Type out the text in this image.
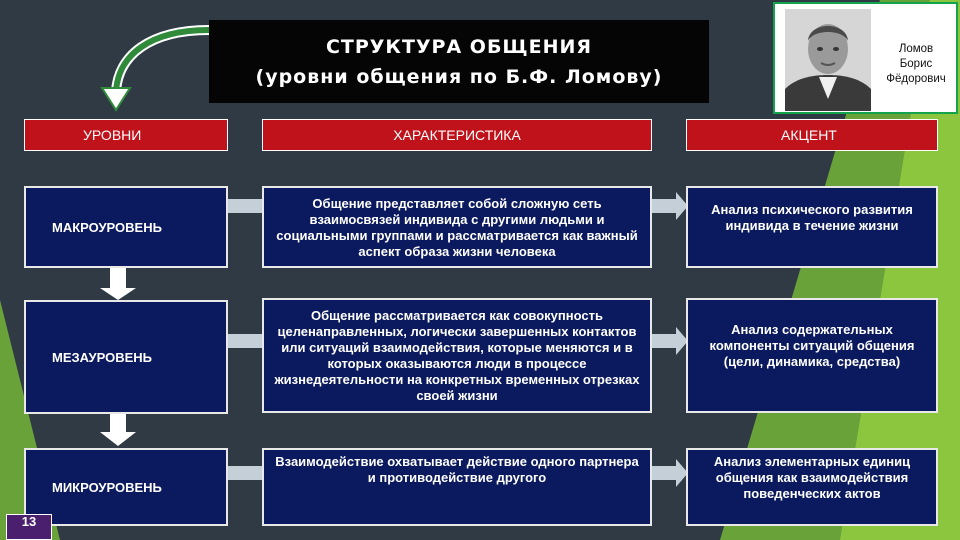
СТРУКТУРА ОБЩЕНИЯ
(уровни общения по Б.Ф. Ломову)
Ломов
Борис
Фёдорович
УРОВНИ	ХАРАКТЕРИСТИКА	АКЦЕНТ
МАКРОУРОВЕНЬ
Общение представляет собой сложную сеть взаимосвязей индивида с другими людьми и социальными группами и рассматривается как важный аспект образа жизни человека
Анализ психического развития индивида в течение жизни
МЕЗАУРОВЕНЬ
Общение рассматривается как совокупность целенаправленных, логически завершенных контактов или ситуаций взаимодействия, которые меняются и в которых оказываются люди в процессе жизнедеятельности на конкретных временных отрезках своей жизни
Анализ содержательных компоненты ситуаций общения (цели, динамика, средства)
МИКРОУРОВЕНЬ
Взаимодействие охватывает действие одного партнера и противодействие другого
Анализ элементарных единиц общения как взаимодействия поведенческих актов
13
